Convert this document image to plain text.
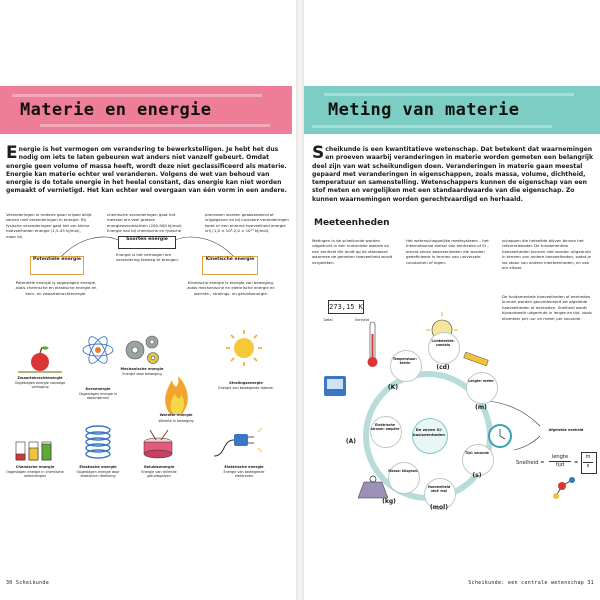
Materie en energie
Energie is het vermogen om verandering te bewerkstelligen. Je hebt het dus nodig om iets te laten gebeuren wat anders niet vanzelf gebeurt. Omdat energie geen volume of massa heeft, wordt deze niet geclassificeerd als materie. Energie kan materie echter wel veranderen. Volgens de wet van behoud van energie is de totale energie in het heelal constant, das energie kan niet worden gemaakt of vernietigd. Het kan echter wel overgaan van één vorm in een andere.
Veranderingen in materie gaan vrijwel altijd samen met veranderingen in energie. Bij fysische veranderingen gaat het om kleine hoeveelheden energie (1,5-45 kJ/mol), maar bij
chemische veranderingen gaat het meestal om veel grotere energieoverdrachten (200-900 kJ/mol). Energie kan bij chemische en fysische
processen worden geabsorbeerd of vrijgegeven en bij nucleaire veranderingen komt er een enorme hoeveelheid energie vrij (1,0 × 10⁸-2,0 × 10¹⁰ kJ/mol).
Soorten energie
Energie is het vermogen om verandering teweeg te brengen.
Potentiële energie
Potentiële energie is opgeslagen energie, zoals chemische en elastische energie en kern- en zwaartekrachtenergie.
Kinetische energie
Kinetische energie is energie van beweging, zoals mechanische en elektrische energie en warmte-, stralings- en geluidsenergie.
Zwaartekrachtenergie
Opgeslagen energie vanwege verhoging	Kernenergie
Opgeslagen energie in atoomkernen
Mechanische energie
Energie door beweging
Stralingsenergie
Energie van bewegende fotonen
Warmte-energie
Warmte in beweging
Chemische energie
Opgeslagen energie in chemische verbindingen
Elastische energie
Opgeslagen energie door elastische uitrekking
Geluidsenergie
Energie van trillende geluidsgolven
Elektrische energie
Energie van bewegende elektronen
30 Scheikunde
Meting van materie
Scheikunde is een kwantitatieve wetenschap. Dat betekent dat waarnemingen en proeven waarbij veranderingen in materie worden gemeten een belangrijk deel zijn van wat scheikundigen doen. Veranderingen in materie gaan meestal gepaard met veranderingen in eigenschappen, zoals massa, volume, dichtheid, temperatuur en samenstelling. Wetenschappers kunnen de eigenschap van een stof meten en vergelijken met een standaardwaarde van die eigenschap. Zo kunnen waarnemingen worden gerechtvaardigd en herhaald.
Meeteenheden
Metingen in de scheikunde worden uitgedrukt in een numerieke waarde en een eenheid die duidt op de standaard waarmee de gemeten hoeveelheid wordt vergeleken.
Het wetenschappelijke meetsysteem – het Internationale stelsel van eenheden of SI – omvat zeven basiseenheden die worden gedefinieerd in termen van universele constanten of eigen-
schappen die hetzelfde blijven binnen het referentiekader. De fundamentele hoeveelheden kunnen niet worden uitgedrukt in termen van andere hoeveelheden, zodat je los staan van andere meeteenheden, en ook om elkaar.
De fundamentele hoeveelheden of eenheden kunnen worden gecombineerd tot afgeleide hoeveelheden of eenheden. Snelheid wordt bijvoorbeeld uitgedrukt in lengte en tijd, zoals kilometer per uur en meter per seconde.
273,15 K
Getal	Eenheid
Temperatuur: kelvin
(K)
Lichtsterkte: candela
(cd)
Lengte: meter
(m)
Tijd: seconde
(s)
Hoeveelheid stof: mol
(mol)
Massa: kilogram
(kg)
Elektrische stroom: ampère
(A)
De zeven SI-basiseenheden
Afgeleide eenheid
Snelheid =
lengte
tijd	=
m
s
Scheikunde: een centrale wetenschap 31
